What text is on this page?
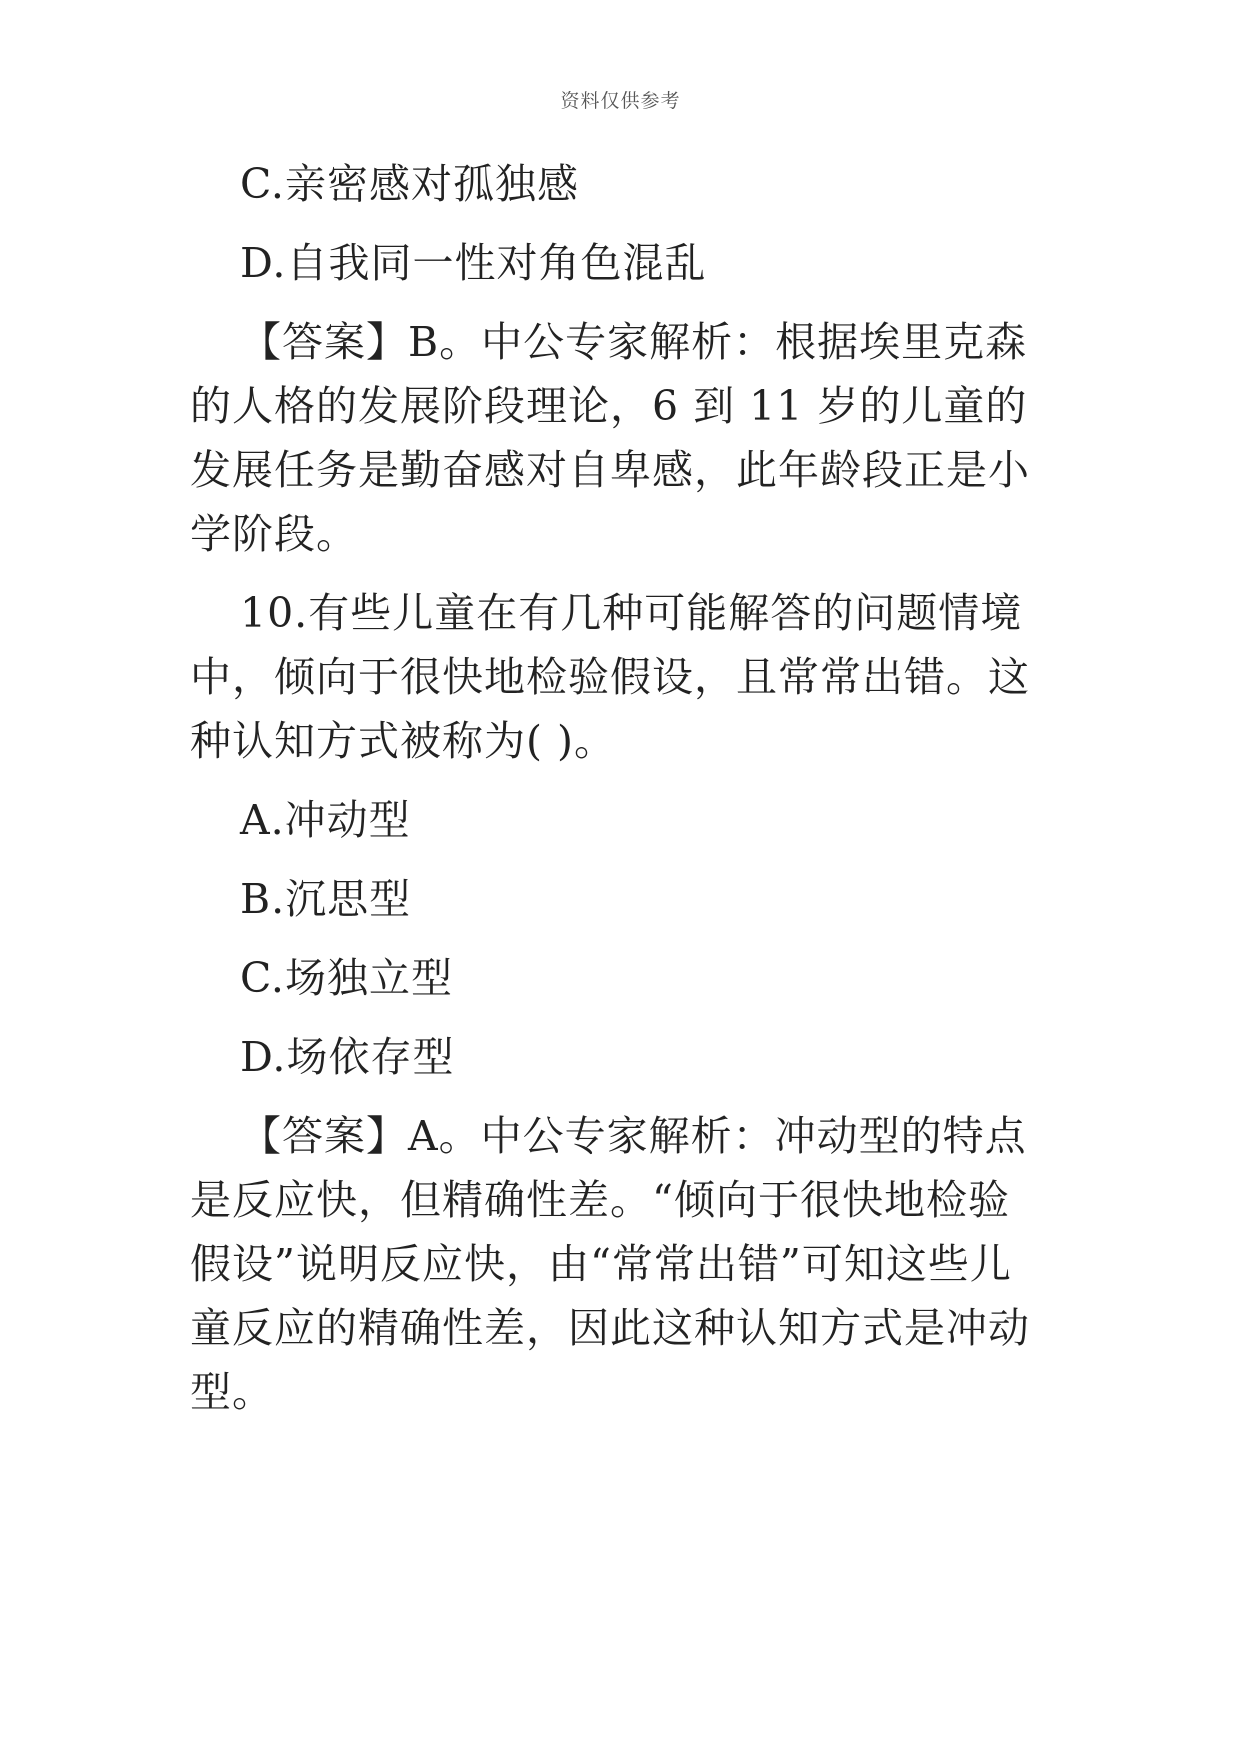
资料仅供参考

C.亲密感对孤独感

D.自我同一性对角色混乱

【答案】B。中公专家解析：根据埃里克森的人格的发展阶段理论，6 到 11 岁的儿童的发展任务是勤奋感对自卑感，此年龄段正是小学阶段。

10.有些儿童在有几种可能解答的问题情境中，倾向于很快地检验假设，且常常出错。这种认知方式被称为( )。

A.冲动型

B.沉思型

C.场独立型

D.场依存型

【答案】A。中公专家解析：冲动型的特点是反应快，但精确性差。“倾向于很快地检验假设”说明反应快，由“常常出错”可知这些儿童反应的精确性差，因此这种认知方式是冲动型。
